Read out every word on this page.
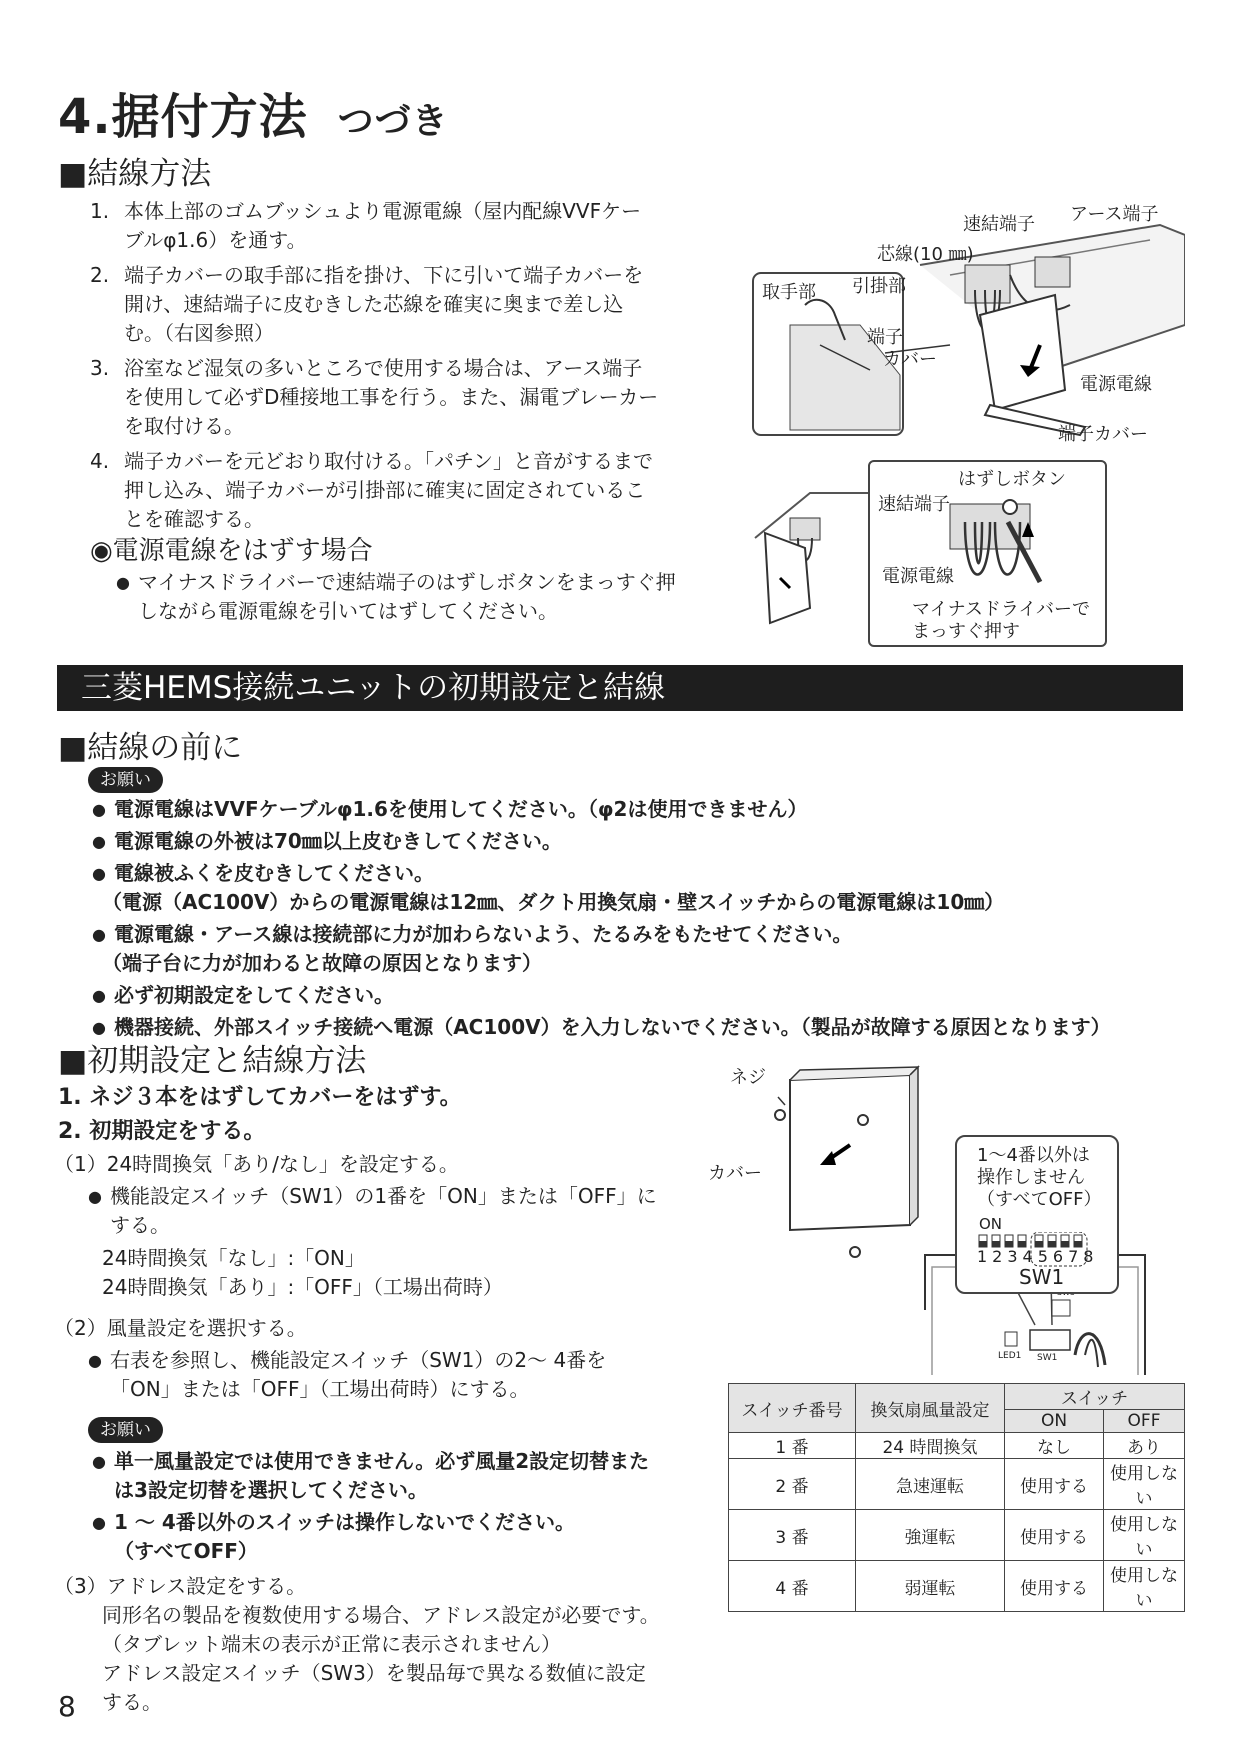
4.据付方法 つづき
■結線方法
1. 本体上部のゴムブッシュより電源電線（屋内配線VVFケーブルφ1.6）を通す。
2. 端子カバーの取手部に指を掛け、下に引いて端子カバーを開け、速結端子に皮むきした芯線を確実に奥まで差し込む。（右図参照）
3. 浴室など湿気の多いところで使用する場合は、アース端子を使用して必ずD種接地工事を行う。また、漏電ブレーカーを取付ける。
4. 端子カバーを元どおり取付ける。「パチン」と音がするまで押し込み、端子カバーが引掛部に確実に固定されていることを確認する。
◉電源電線をはずす場合
● マイナスドライバーで速結端子のはずしボタンをまっすぐ押しながら電源電線を引いてはずしてください。
速結端子 アース端子
芯線(10 ㎜)
取手部 引掛部
端子
カバー
電源電線
端子カバー
はずしボタン
速結端子
電源電線
マイナスドライバーで
まっすぐ押す
三菱HEMS接続ユニットの初期設定と結線
■結線の前に
お願い
● 電源電線はVVFケーブルφ1.6を使用してください。（φ2は使用できません）
● 電源電線の外被は70㎜以上皮むきしてください。
● 電線被ふくを皮むきしてください。
（電源（AC100V）からの電源電線は12㎜、ダクト用換気扇・壁スイッチからの電源電線は10㎜）
● 電源電線・アース線は接続部に力が加わらないよう、たるみをもたせてください。
（端子台に力が加わると故障の原因となります）
● 必ず初期設定をしてください。
● 機器接続、外部スイッチ接続へ電源（AC100V）を入力しないでください。（製品が故障する原因となります）
■初期設定と結線方法
1. ネジ３本をはずしてカバーをはずす。
2. 初期設定をする。
（1）24時間換気「あり/なし」を設定する。
● 機能設定スイッチ（SW1）の1番を「ON」または「OFF」にする。
24時間換気「なし」:「ON」
24時間換気「あり」:「OFF」（工場出荷時）
（2）風量設定を選択する。
● 右表を参照し、機能設定スイッチ（SW1）の2～ 4番を「ON」または「OFF」（工場出荷時）にする。
お願い
● 単一風量設定では使用できません。必ず風量2設定切替または3設定切替を選択してください。
● 1 ～ 4番以外のスイッチは操作しないでください。
（すべてOFF）
（3）アドレス設定をする。
同形名の製品を複数使用する場合、アドレス設定が必要です。（タブレット端末の表示が正常に表示されません）
アドレス設定スイッチ（SW3）を製品毎で異なる数値に設定する。
ネジ
カバー
LED1 SW1
1～4番以外は
操作しません
（すべてOFF）
ON
12345678
SW1
スイッチ番号	換気扇風量設定	スイッチ	
		ON	OFF
1 番	24 時間換気	なし	あり
2 番	急速運転	使用する	使用しない
3 番	強運転	使用する	使用しない
4 番	弱運転	使用する	使用しない
8
